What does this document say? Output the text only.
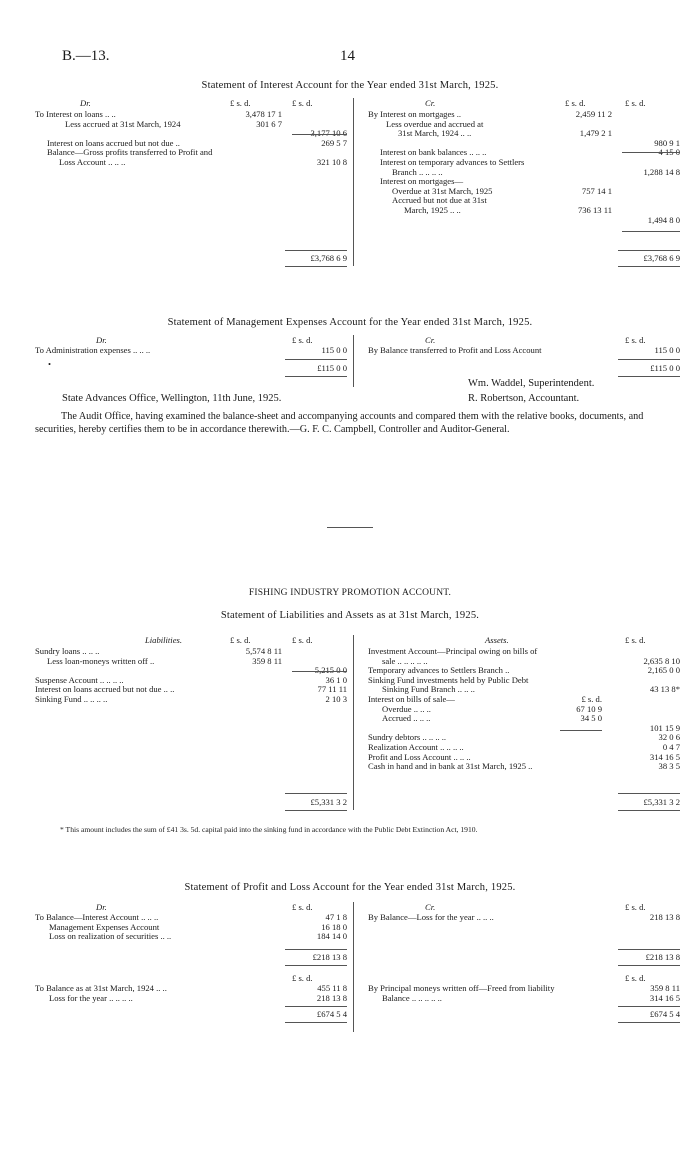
B.—13.	14
Statement of Interest Account for the Year ended 31st March, 1925.
Dr.	£ s. d.	£ s. d.	Cr.	£ s. d.	£ s. d.
To Interest on loans .. ..	3,478 17 1
Less accrued at 31st March, 1924	301 6 7
3,177 10 6
Interest on loans accrued but not due ..	269 5 7
Balance—Gross profits transferred to Profit and
Loss Account .. .. ..	321 10 8
By Interest on mortgages ..	2,459 11 2
Less overdue and accrued at
31st March, 1924 .. ..	1,479 2 1
980 9 1
Interest on bank balances .. .. ..	4 15 0
Interest on temporary advances to Settlers
Branch .. .. .. ..	1,288 14 8
Interest on mortgages—
Overdue at 31st March, 1925	757 14 1
Accrued but not due at 31st
March, 1925 .. ..	736 13 11
1,494 8 0
£3,768 6 9	£3,768 6 9
Statement of Management Expenses Account for the Year ended 31st March, 1925.
Dr.	£ s. d.	Cr.	£ s. d.
To Administration expenses .. .. ..	115 0 0 By Balance transferred to Profit and Loss Account	115 0 0
•	£115 0 0	£115 0 0
Wm. Waddel, Superintendent.
R. Robertson, Accountant.
State Advances Office, Wellington, 11th June, 1925.
The Audit Office, having examined the balance-sheet and accompanying accounts and compared them with the relative books, documents, and securities, hereby certifies them to be in accordance therewith.—G. F. C. Campbell, Controller and Auditor-General.
FISHING INDUSTRY PROMOTION ACCOUNT.
Statement of Liabilities and Assets as at 31st March, 1925.
Liabilities.	£ s. d.	£ s. d.	Assets.	£ s. d.
Sundry loans .. .. ..	5,574 8 11
Less loan-moneys written off ..	359 8 11
5,215 0 0
Suspense Account .. .. .. ..	36 1 0
Interest on loans accrued but not due .. ..	77 11 11
Sinking Fund .. .. .. ..	2 10 3
Investment Account—Principal owing on bills of
sale .. .. .. .. ..	2,635 8 10
Temporary advances to Settlers Branch ..	2,165 0 0
Sinking Fund investments held by Public Debt
Sinking Fund Branch .. .. ..	43 13 8*
Interest on bills of sale—	£ s. d.
Overdue .. .. ..	67 10 9
Accrued .. .. ..	34 5 0
101 15 9
Sundry debtors .. .. .. ..	32 0 6
Realization Account .. .. .. ..	0 4 7
Profit and Loss Account .. .. ..	314 16 5
Cash in hand and in bank at 31st March, 1925 ..	38 3 5
£5,331 3 2	£5,331 3 2
* This amount includes the sum of £41 3s. 5d. capital paid into the sinking fund in accordance with the Public Debt Extinction Act, 1910.
Statement of Profit and Loss Account for the Year ended 31st March, 1925.
Dr.	£ s. d.	Cr.	£ s. d.
To Balance—Interest Account .. .. ..	47 1 8
Management Expenses Account	16 18 0
Loss on realization of securities .. ..	184 14 0
By Balance—Loss for the year .. .. ..	218 13 8
£218 13 8	£218 13 8
£ s. d.	£ s. d.
To Balance as at 31st March, 1924 .. ..	455 11 8
Loss for the year .. .. .. ..	218 13 8
By Principal moneys written off—Freed from liability	359 8 11
Balance .. .. .. .. ..	314 16 5
£674 5 4	£674 5 4
